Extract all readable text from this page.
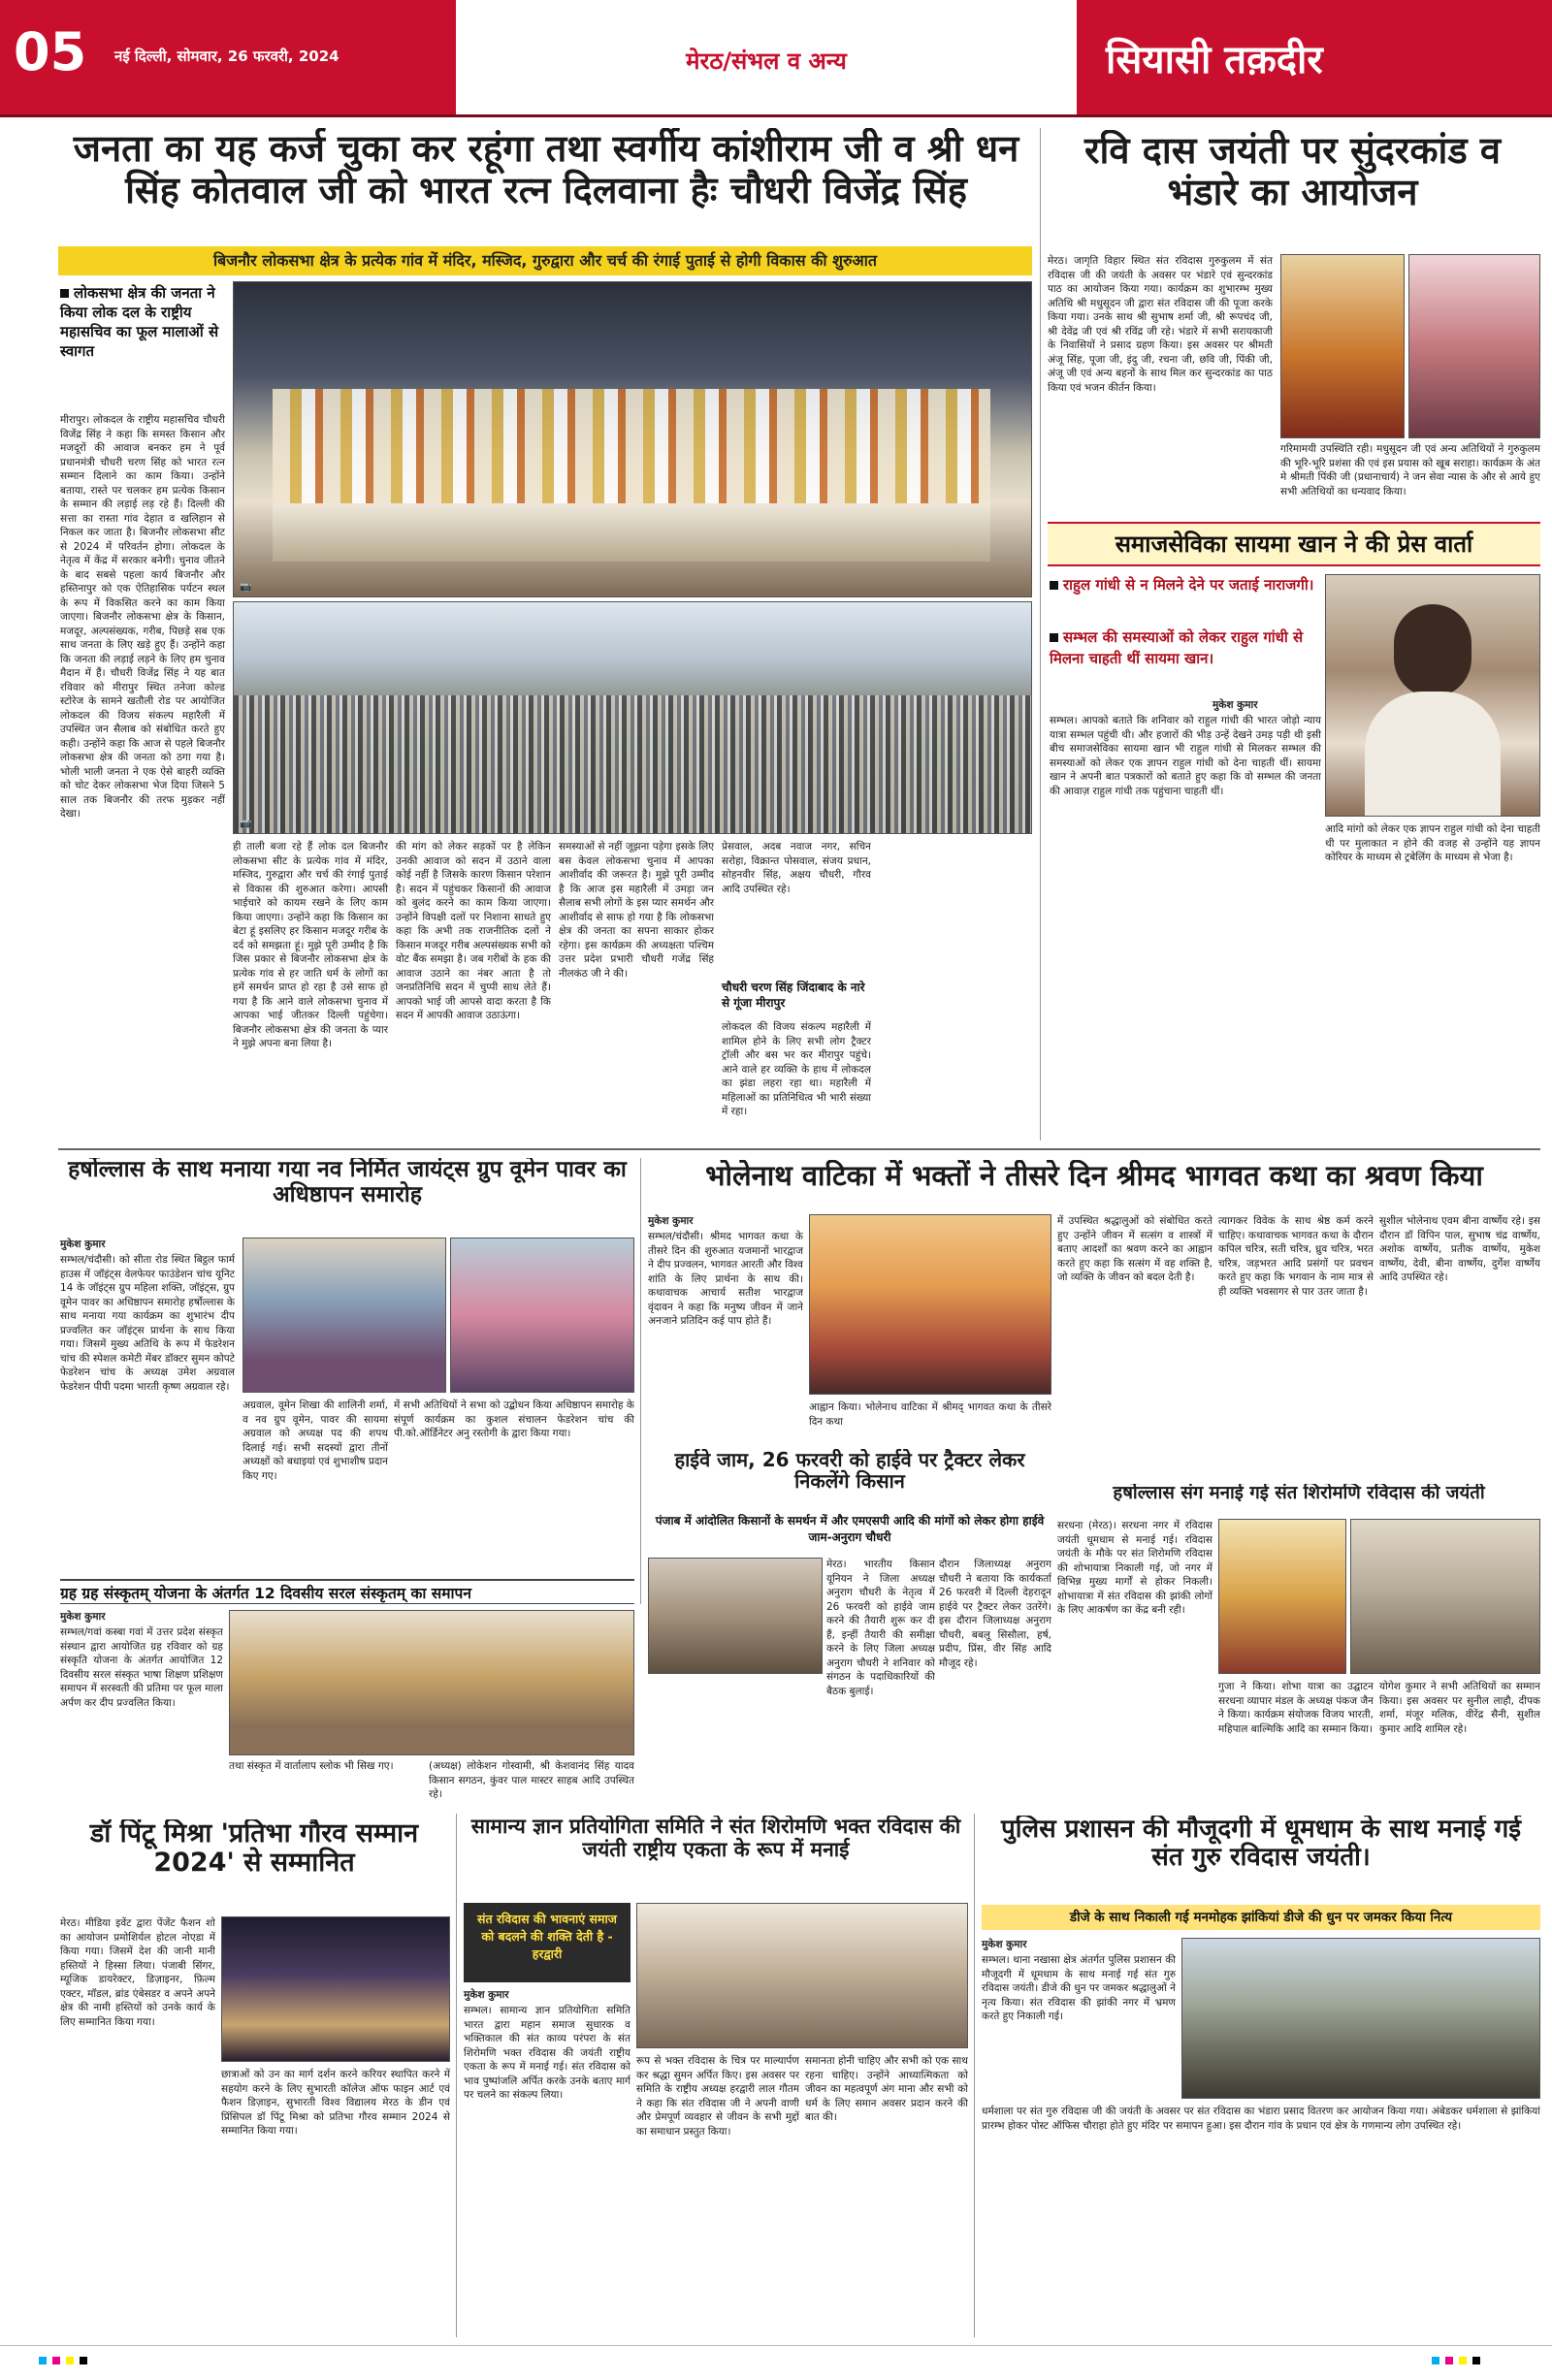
05 नई दिल्ली, सोमवार, 26 फरवरी, 2024	मेरठ/संभल व अन्य	सियासी तक़दीर
जनता का यह कर्ज चुका कर रहूंगा तथा स्वर्गीय कांशीराम जी व श्री धन सिंह कोतवाल जी को भारत रत्न दिलवाना हैः चौधरी विजेंद्र सिंह
बिजनौर लोकसभा क्षेत्र के प्रत्येक गांव में मंदिर, मस्जिद, गुरुद्वारा और चर्च की रंगाई पुताई से होगी विकास की शुरुआत
लोकसभा क्षेत्र की जनता ने किया लोक दल के राष्ट्रीय महासचिव का फूल मालाओं से स्वागत
मीरापुर। लोकदल के राष्ट्रीय महासचिव चौधरी विजेंद्र सिंह ने कहा कि समस्त किसान और मजदूरों की आवाज बनकर हम ने पूर्व प्रधानमंत्री चौधरी चरण सिंह को भारत रत्न सम्मान दिलाने का काम किया। उन्होंने बताया, रास्ते पर चलकर हम प्रत्येक किसान के सम्मान की लड़ाई लड़ रहे हैं। दिल्ली की सत्ता का रास्ता गांव देहात व खलिहान से निकल कर जाता है। बिजनौर लोकसभा सीट से 2024 में परिवर्तन होगा। लोकदल के नेतृत्व में केंद्र में सरकार बनेगी। चुनाव जीतने के बाद सबसे पहला कार्य बिजनौर और हस्तिनापुर को एक ऐतिहासिक पर्यटन स्थल के रूप में विकसित करने का काम किया जाएगा। बिजनौर लोकसभा क्षेत्र के किसान, मजदूर, अल्पसंख्यक, गरीब, पिछड़े सब एक साथ जनता के लिए खड़े हुए हैं। उन्होंने कहा कि जनता की लड़ाई लड़ने के लिए हम चुनाव मैदान में हैं। चौधरी विजेंद्र सिंह ने यह बात रविवार को मीरापुर स्थित तनेजा कोल्ड स्टोरेज के सामने खतौली रोड पर आयोजित लोकदल की विजय संकल्प महारैली में उपस्थित जन सैलाब को संबोधित करते हुए कही। उन्होंने कहा कि आज से पहले बिजनौर लोकसभा क्षेत्र की जनता को ठगा गया है। भोली भाली जनता ने एक ऐसे बाहरी व्यक्ति को चोट देकर लोकसभा भेज दिया जिसने 5 साल तक बिजनौर की तरफ मुड़कर नहीं देखा।
📷
📷
ही ताली बजा रहे हैं लोक दल बिजनौर लोकसभा सीट के प्रत्येक गांव में मंदिर, मस्जिद, गुरुद्वारा और चर्च की रंगाई पुताई से विकास की शुरुआत करेगा। आपसी भाईचारे को कायम रखने के लिए काम किया जाएगा। उन्होंने कहा कि किसान का बेटा हूं इसलिए हर किसान मजदूर गरीब के दर्द को समझता हूं। मुझे पूरी उम्मीद है कि जिस प्रकार से बिजनौर लोकसभा क्षेत्र के प्रत्येक गांव से हर जाति धर्म के लोगों का हमें समर्थन प्राप्त हो रहा है उसे साफ हो गया है कि आने वाले लोकसभा चुनाव में आपका भाई जीतकर दिल्ली पहुंचेगा। बिजनौर लोकसभा क्षेत्र की जनता के प्यार ने मुझे अपना बना लिया है।
की मांग को लेकर सड़कों पर है लेकिन उनकी आवाज को सदन में उठाने वाला कोई नहीं है जिसके कारण किसान परेशान है। सदन में पहुंचकर किसानों की आवाज को बुलंद करने का काम किया जाएगा। उन्होंने विपक्षी दलों पर निशाना साधते हुए कहा कि अभी तक राजनीतिक दलों ने किसान मजदूर गरीब अल्पसंख्यक सभी को वोट बैंक समझा है। जब गरीबों के हक की आवाज उठाने का नंबर आता है तो जनप्रतिनिधि सदन में चुप्पी साध लेते हैं। आपको भाई जी आपसे वादा करता है कि सदन में आपकी आवाज उठाऊंगा।
समस्याओं से नहीं जूझना पड़ेगा इसके लिए बस केवल लोकसभा चुनाव में आपका आशीर्वाद की जरूरत है। मुझे पूरी उम्मीद है कि आज इस महारैली में उमड़ा जन सैलाब सभी लोगों के इस प्यार समर्थन और आशीर्वाद से साफ हो गया है कि लोकसभा क्षेत्र की जनता का सपना साकार होकर रहेगा। इस कार्यक्रम की अध्यक्षता पश्चिम उत्तर प्रदेश प्रभारी चौधरी गजेंद्र सिंह नीलकंठ जी ने की।
प्रेसवाल, अदब नवाज नगर, सचिन सरोहा, विक्रान्त पोसवाल, संजय प्रधान, सोहनवीर सिंह, अक्षय चौधरी, गौरव आदि उपस्थित रहे।
चौधरी चरण सिंह जिंदाबाद के नारे से गूंजा मीरापुर
लोकदल की विजय संकल्प महारैली में शामिल होने के लिए सभी लोग ट्रैक्टर ट्रॉली और बस भर कर मीरापुर पहुंचे। आने वाले हर व्यक्ति के हाथ में लोकदल का झंडा लहरा रहा था। महारैली में महिलाओं का प्रतिनिधित्व भी भारी संख्या में रहा।
रवि दास जयंती पर सुंदरकांड व भंडारे का आयोजन
मेरठ। जागृति विहार स्थित संत रविदास गुरुकुलम में संत रविदास जी की जयंती के अवसर पर भंडारे एवं सुन्दरकांड पाठ का आयोजन किया गया। कार्यक्रम का शुभारम्भ मुख्य अतिथि श्री मधुसूदन जी द्वारा संत रविदास जी की पूजा करके किया गया। उनके साथ श्री सुभाष शर्मा जी, श्री रूपचंद जी, श्री देवेंद्र जी एवं श्री रविंद्र जी रहे। भंडारे में सभी सरायकाजी के निवासियों ने प्रसाद ग्रहण किया। इस अवसर पर श्रीमती अंजू सिंह, पूजा जी, इंदु जी, रचना जी, छवि जी, पिंकी जी, अंजू जी एवं अन्य बहनों के साथ मिल कर सुन्दरकांड का पाठ किया एवं भजन कीर्तन किया।
गरिमामयी उपस्थिति रही। मधुसूदन जी एवं अन्य अतिथियों ने गुरुकुलम की भूरि-भूरि प्रशंसा की एवं इस प्रयास को खूब सराहा। कार्यक्रम के अंत मे श्रीमती पिंकी जी (प्रधानाचार्य) ने जन सेवा न्यास के और से आये हुए सभी अतिथियों का धन्यवाद किया।
समाजसेविका सायमा खान ने की प्रेस वार्ता
राहुल गांधी से न मिलने देने पर जताई नाराजगी।
सम्भल की समस्याओं को लेकर राहुल गांधी से मिलना चाहती थीं सायमा खान।
मुकेश कुमार
सम्भल। आपको बताते कि शनिवार को राहुल गांधी की भारत जोड़ो न्याय यात्रा सम्भल पहुंची थी। और हजारों की भीड़ उन्हें देखने उमड़ पड़ी थी इसी बीच समाजसेविका सायमा खान भी राहुल गांधी से मिलकर सम्भल की समस्याओं को लेकर एक ज्ञापन राहुल गांधी को देना चाहती थीं। सायमा खान ने अपनी बात पत्रकारों को बताते हुए कहा कि वो सम्भल की जनता की आवाज़ राहुल गांधी तक पहुंचाना चाहती थीं।
आदि मांगो को लेकर एक ज्ञापन राहुल गांधी को देना चाहती थी पर मुलाकात न होने की वजह से उन्होंने यह ज्ञापन कोरियर के माध्यम से ट्रबेलिंग के माध्यम से भेजा है।
हर्षोल्लास के साथ मनाया गया नव निर्मित जायंट्स ग्रुप वूमेन पावर का अधिष्ठापन समारोह
मुकेश कुमार
सम्भल/चंदौसी। को सीता रोड स्थित बिट्ठल फार्म हाउस में जॉइंट्स वेलफेयर फाउंडेशन चांच यूनिट 14 के जॉइंट्स ग्रुप महिला शक्ति, जॉइंट्स, ग्रुप वूमेन पावर का अधिष्ठापन समारोह हर्षोल्लास के साथ मनाया गया कार्यक्रम का शुभारंभ दीप प्रज्वलित कर जॉइंट्स प्रार्थना के साथ किया गया। जिसमें मुख्य अतिथि के रूप में फेडरेशन चांच की स्पेशल कमेटी मेंबर डॉक्टर सुमन कोपटे फेडरेशन चांच के अध्यक्ष उमेश अग्रवाल फेडरेशन पीपी पदमा भारती कृष्ण अग्रवाल रहे।
अग्रवाल, वूमेन शिखा की शालिनी शर्मा, व नव ग्रुप वूमेन, पावर की सायमा अग्रवाल को अध्यक्ष पद की शपथ दिलाई गई। सभी सदस्यों द्वारा तीनों अध्यक्षों को बधाइयां एवं शुभाशीष प्रदान किए गए।
में सभी अतिथियों ने सभा को उद्बोधन किया अधिष्ठापन समारोह के संपूर्ण कार्यक्रम का कुशल संचालन फेडरेशन चांच की पी.को.ऑर्डिनेटर अनु रस्तोगी के द्वारा किया गया।
ग्रह ग्रह संस्कृतम् योजना के अंतर्गत 12 दिवसीय सरल संस्कृतम् का समापन
मुकेश कुमार
सम्भल/गवां कस्बा गवां में उत्तर प्रदेश संस्कृत संस्थान द्वारा आयोजित ग्रह रविवार को ग्रह संस्कृति योजना के अंतर्गत आयोजित 12 दिवसीय सरल संस्कृत भाषा शिक्षण प्रशिक्षण समापन में सरस्वती की प्रतिमा पर फूल माला अर्पण कर दीप प्रज्वलित किया।
तथा संस्कृत में वार्तालाप स्लोक भी सिख गए।	(अध्यक्ष) लोकेशन गोस्वामी, श्री केशवानंद सिंह यादव किसान सगठन, कुंवर पाल मास्टर साहब आदि उपस्थित रहे।
डॉ पिंटू मिश्रा 'प्रतिभा गौरव सम्मान 2024' से सम्मानित
मेरठ। मीडिया इवेंट द्वारा पेंजेंट फैशन शो का आयोजन प्रमोशिर्यल होटल नोएडा में किया गया। जिसमें देश की जानी मानी हस्तियों ने हिस्सा लिया। पंजाबी सिंगर, म्यूजिक डायरेक्टर, डिज़ाइनर, फ़िल्म एक्टर, मॉडल, ब्रांड एंबेसडर व अपने अपने क्षेत्र की नामी हस्तियों को उनके कार्य के लिए सम्मानित किया गया।
छात्राओं को उन का मार्ग दर्शन करने करियर स्थापित करने में सहयोग करने के लिए सुभारती कॉलेज ऑफ फाइन आर्ट एवं फैशन डिज़ाइन, सुभारती विश्व विद्यालय मेरठ के डीन एवं प्रिंसिपल डॉ पिंटू मिश्रा को प्रतिभा गौरव सम्मान 2024 से सम्मानित किया गया।
भोलेनाथ वाटिका में भक्तों ने तीसरे दिन श्रीमद भागवत कथा का श्रवण किया
मुकेश कुमार
सम्भल/चंदौसी। श्रीमद भागवत कथा के तीसरे दिन की शुरुआत यजमानों भारद्वाज ने दीप प्रज्वलन, भागवत आरती और विश्व शांति के लिए प्रार्थना के साथ की। कथावाचक आचार्य सतीश भारद्वाज वृंदावन ने कहा कि मनुष्य जीवन में जाने अनजाने प्रतिदिन कई पाप होते हैं।
आह्वान किया। भोलेनाथ वाटिका में श्रीमद् भागवत कथा के तीसरे दिन कथा
में उपस्थित श्रद्धालुओं को संबोधित करते हुए उन्होंने जीवन में सत्संग व शास्त्रों में बताए आदर्शों का श्रवण करने का आह्वान करते हुए कहा कि सत्संग में वह शक्ति है, जो व्यक्ति के जीवन को बदल देती है।
त्यागकर विवेक के साथ श्रेष्ठ कर्म करने चाहिए। कथावाचक भागवत कथा के दौरान कपिल चरित्र, सती चरित्र, ध्रुव चरित्र, भरत चरित्र, जड़भरत आदि प्रसंगों पर प्रवचन करते हुए कहा कि भगवान के नाम मात्र से ही व्यक्ति भवसागर से पार उतर जाता है।
सुशील भोलेनाथ एवम बीना वार्ष्णेय रहे। इस दौरान डॉ विपिन पाल, सुभाष चंद्र वार्ष्णेय, अशोक वार्ष्णेय, प्रतीक वार्ष्णेय, मुकेश वार्ष्णेय, देवी, बीना वार्ष्णेय, दुर्गेश वार्ष्णेय आदि उपस्थित रहे।
हाईवे जाम, 26 फरवरी को हाईवे पर ट्रैक्टर लेकर निकलेंगे किसान
पंजाब में आंदोलित किसानों के समर्थन में और एमएसपी आदि की मांगों को लेकर होगा हाईवे जाम-अनुराग चौधरी
मेरठ। भारतीय किसान यूनियन ने जिला अध्यक्ष अनुराग चौधरी के नेतृत्व में 26 फरवरी को हाईवे जाम करने की तैयारी शुरू कर दी हैं, इन्हीं तैयारी की समीक्षा करने के लिए जिला अध्यक्ष अनुराग चौधरी ने शनिवार को संगठन के पदाधिकारियों की बैठक बुलाई।
दौरान जिलाध्यक्ष अनुराग चौधरी ने बताया कि कार्यकर्ता 26 फरवरी में दिल्ली देहरादून हाईवे पर ट्रैक्टर लेकर उतरेंगे। इस दौरान जिलाध्यक्ष अनुराग चौधरी, बबलू सिसौला, हर्ष, प्रदीप, प्रिंस, वीर सिंह आदि मौजूद रहे।
हर्षोल्लास संग मनाई गई संत शिरोमणि रविदास की जयंती
सरधना (मेरठ)। सरधना नगर में रविदास जयंती धूमधाम से मनाई गई। रविदास जयंती के मौके पर संत शिरोमणि रविदास की शोभायात्रा निकाली गई, जो नगर में विभिन्न मुख्य मार्गों से होकर निकली। शोभायात्रा में संत रविदास की झांकी लोगों के लिए आकर्षण का केंद्र बनी रही।
गुजा ने किया। शोभा यात्रा का उद्घाटन सरधना व्यापार मंडल के अध्यक्ष पंकज जैन ने किया। कार्यक्रम संयोजक विजय भारती, महिपाल बाल्मिकि आदि का सम्मान किया।
योगेश कुमार ने सभी अतिथियों का सम्मान किया। इस अवसर पर सुनील लाहौ, दीपक शर्मा, मंजूर मलिक, वीरेंद्र सैनी, सुशील कुमार आदि शामिल रहे।
सामान्य ज्ञान प्रतियोगिता समिति ने संत शिरोमणि भक्त रविदास की जयंती राष्ट्रीय एकता के रूप में मनाई
संत रविदास की भावनाएं समाज को बदलने की शक्ति देती है - हरद्वारी
मुकेश कुमार
सम्भल। सामान्य ज्ञान प्रतियोगिता समिति भारत द्वारा महान समाज सुधारक व भक्तिकाल की संत काव्य परंपरा के संत शिरोमणि भक्त रविदास की जयंती राष्ट्रीय एकता के रूप में मनाई गई। संत रविदास को भाव पुष्पांजलि अर्पित करके उनके बताए मार्ग पर चलने का संकल्प लिया।
रूप से भक्त रविदास के चित्र पर माल्यार्पण कर श्रद्धा सुमन अर्पित किए। इस अवसर पर समिति के राष्ट्रीय अध्यक्ष हरद्वारी लाल गौतम ने कहा कि संत रविदास जी ने अपनी वाणी और प्रेमपूर्ण व्यवहार से जीवन के सभी मुद्दों का समाधान प्रस्तुत किया।
समानता होनी चाहिए और सभी को एक साथ रहना चाहिए। उन्होंने आध्यात्मिकता को जीवन का महत्वपूर्ण अंग माना और सभी को धर्म के लिए समान अवसर प्रदान करने की बात की।
पुलिस प्रशासन की मौजूदगी में धूमधाम के साथ मनाई गई संत गुरु रविदास जयंती।
डीजे के साथ निकाली गई मनमोहक झांकियां डीजे की धुन पर जमकर किया नित्य
मुकेश कुमार
सम्भल। थाना नखासा क्षेत्र अंतर्गत पुलिस प्रशासन की मौजूदगी में धूमधाम के साथ मनाई गई संत गुरु रविदास जयंती। डीजे की धुन पर जमकर श्रद्धालुओं ने नृत्य किया। संत रविदास की झांकी नगर में भ्रमण करते हुए निकाली गई।
धर्मशाला पर संत गुरु रविदास जी की जयंती के अवसर पर संत रविदास का भंडारा प्रसाद वितरण कर आयोजन किया गया। अंबेडकर धर्मशाला से झांकियां प्रारम्भ होकर पोस्ट ऑफिस चौराहा होते हुए मंदिर पर समापन हुआ। इस दौरान गांव के प्रधान एवं क्षेत्र के गणमान्य लोग उपस्थित रहे।
